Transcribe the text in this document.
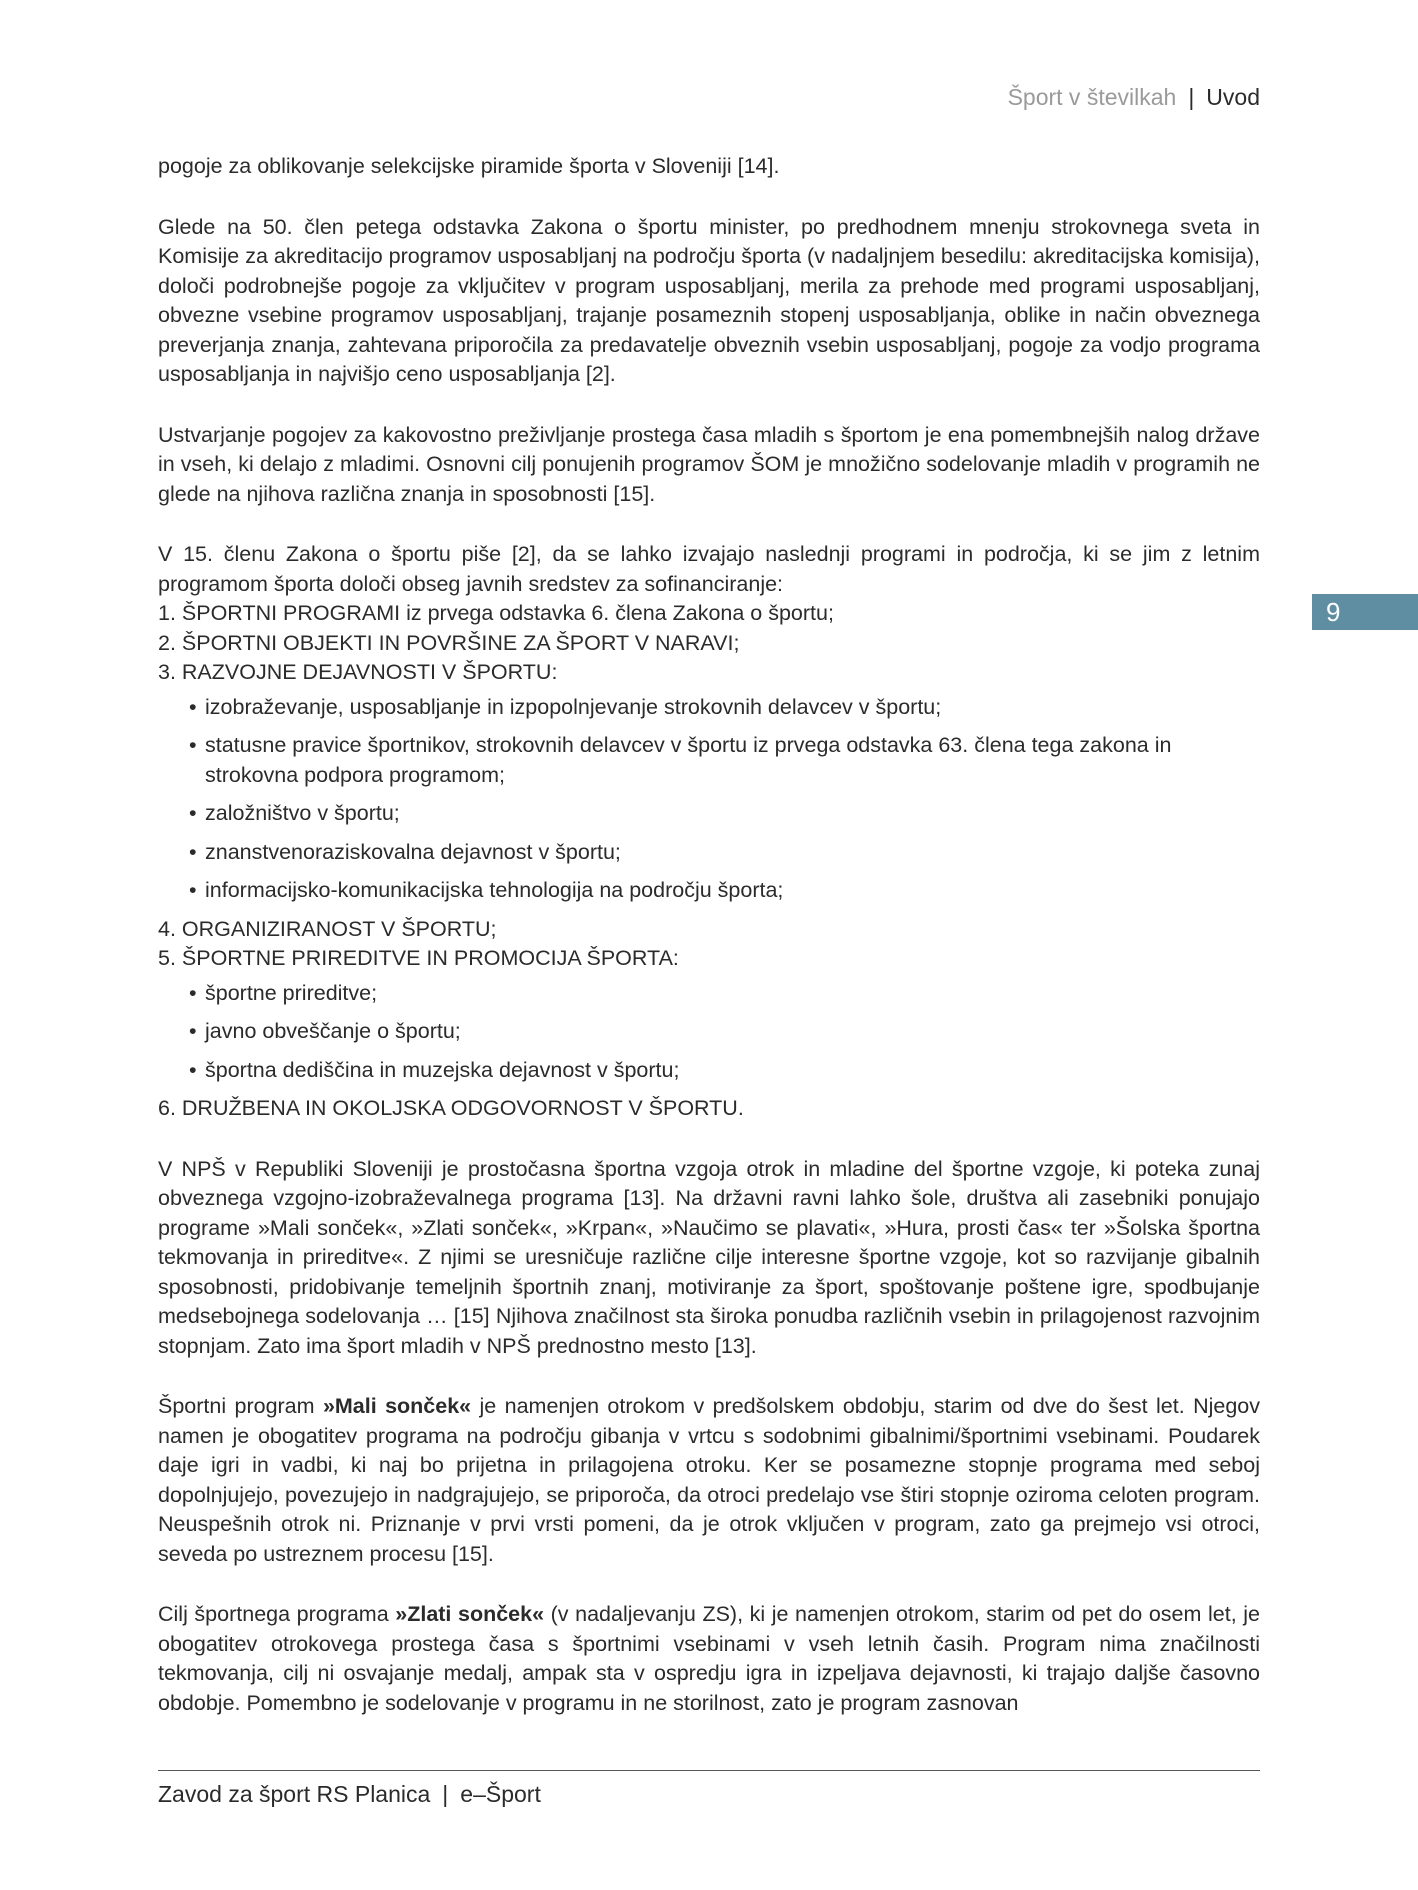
Šport v številkah | Uvod
9

pogoje za oblikovanje selekcijske piramide športa v Sloveniji [14].

Glede na 50. člen petega odstavka Zakona o športu minister, po predhodnem mnenju strokovnega sveta in Komisije za akreditacijo programov usposabljanj na področju športa (v nadaljnjem besedilu: akreditacijska komisija), določi podrobnejše pogoje za vključitev v program usposabljanj, merila za prehode med programi usposabljanj, obvezne vsebine programov usposabljanj, trajanje posameznih stopenj usposabljanja, oblike in način obveznega preverjanja znanja, zahtevana priporočila za predavatelje obveznih vsebin usposabljanj, pogoje za vodjo programa usposabljanja in najvišjo ceno usposabljanja [2].

Ustvarjanje pogojev za kakovostno preživljanje prostega časa mladih s športom je ena pomembnejših nalog države in vseh, ki delajo z mladimi. Osnovni cilj ponujenih programov ŠOM je množično sodelovanje mladih v programih ne glede na njihova različna znanja in sposobnosti [15].

V 15. členu Zakona o športu piše [2], da se lahko izvajajo naslednji programi in področja, ki se jim z letnim programom športa določi obseg javnih sredstev za sofinanciranje:

1. ŠPORTNI PROGRAMI iz prvega odstavka 6. člena Zakona o športu;

2. ŠPORTNI OBJEKTI IN POVRŠINE ZA ŠPORT V NARAVI;

3. RAZVOJNE DEJAVNOSTI V ŠPORTU:

• izobraževanje, usposabljanje in izpopolnjevanje strokovnih delavcev v športu;
• statusne pravice športnikov, strokovnih delavcev v športu iz prvega odstavka 63. člena tega zakona in strokovna podpora programom;
• založništvo v športu;
• znanstvenoraziskovalna dejavnost v športu;
• informacijsko-komunikacijska tehnologija na področju športa;

4. ORGANIZIRANOST V ŠPORTU;

5. ŠPORTNE PRIREDITVE IN PROMOCIJA ŠPORTA:

• športne prireditve;
• javno obveščanje o športu;
• športna dediščina in muzejska dejavnost v športu;

6. DRUŽBENA IN OKOLJSKA ODGOVORNOST V ŠPORTU.

V NPŠ v Republiki Sloveniji je prostočasna športna vzgoja otrok in mladine del športne vzgoje, ki poteka zunaj obveznega vzgojno-izobraževalnega programa [13]. Na državni ravni lahko šole, društva ali zasebniki ponujajo programe »Mali sonček«, »Zlati sonček«, »Krpan«, »Naučimo se plavati«, »Hura, prosti čas« ter »Šolska športna tekmovanja in prireditve«. Z njimi se uresničuje različne cilje interesne športne vzgoje, kot so razvijanje gibalnih sposobnosti, pridobivanje temeljnih športnih znanj, motiviranje za šport, spoštovanje poštene igre, spodbujanje medsebojnega sodelovanja … [15] Njihova značilnost sta široka ponudba različnih vsebin in prilagojenost razvojnim stopnjam. Zato ima šport mladih v NPŠ prednostno mesto [13].

Športni program »Mali sonček« je namenjen otrokom v predšolskem obdobju, starim od dve do šest let. Njegov namen je obogatitev programa na področju gibanja v vrtcu s sodobnimi gibalnimi/športnimi vsebinami. Poudarek daje igri in vadbi, ki naj bo prijetna in prilagojena otroku. Ker se posamezne stopnje programa med seboj dopolnjujejo, povezujejo in nadgrajujejo, se priporoča, da otroci predelajo vse štiri stopnje oziroma celoten program. Neuspešnih otrok ni. Priznanje v prvi vrsti pomeni, da je otrok vključen v program, zato ga prejmejo vsi otroci, seveda po ustreznem procesu [15].

Cilj športnega programa »Zlati sonček« (v nadaljevanju ZS), ki je namenjen otrokom, starim od pet do osem let, je obogatitev otrokovega prostega časa s športnimi vsebinami v vseh letnih časih. Program nima značilnosti tekmovanja, cilj ni osvajanje medalj, ampak sta v ospredju igra in izpeljava dejavnosti, ki trajajo daljše časovno obdobje. Pomembno je sodelovanje v programu in ne storilnost, zato je program zasnovan

Zavod za šport RS Planica | e–Šport
